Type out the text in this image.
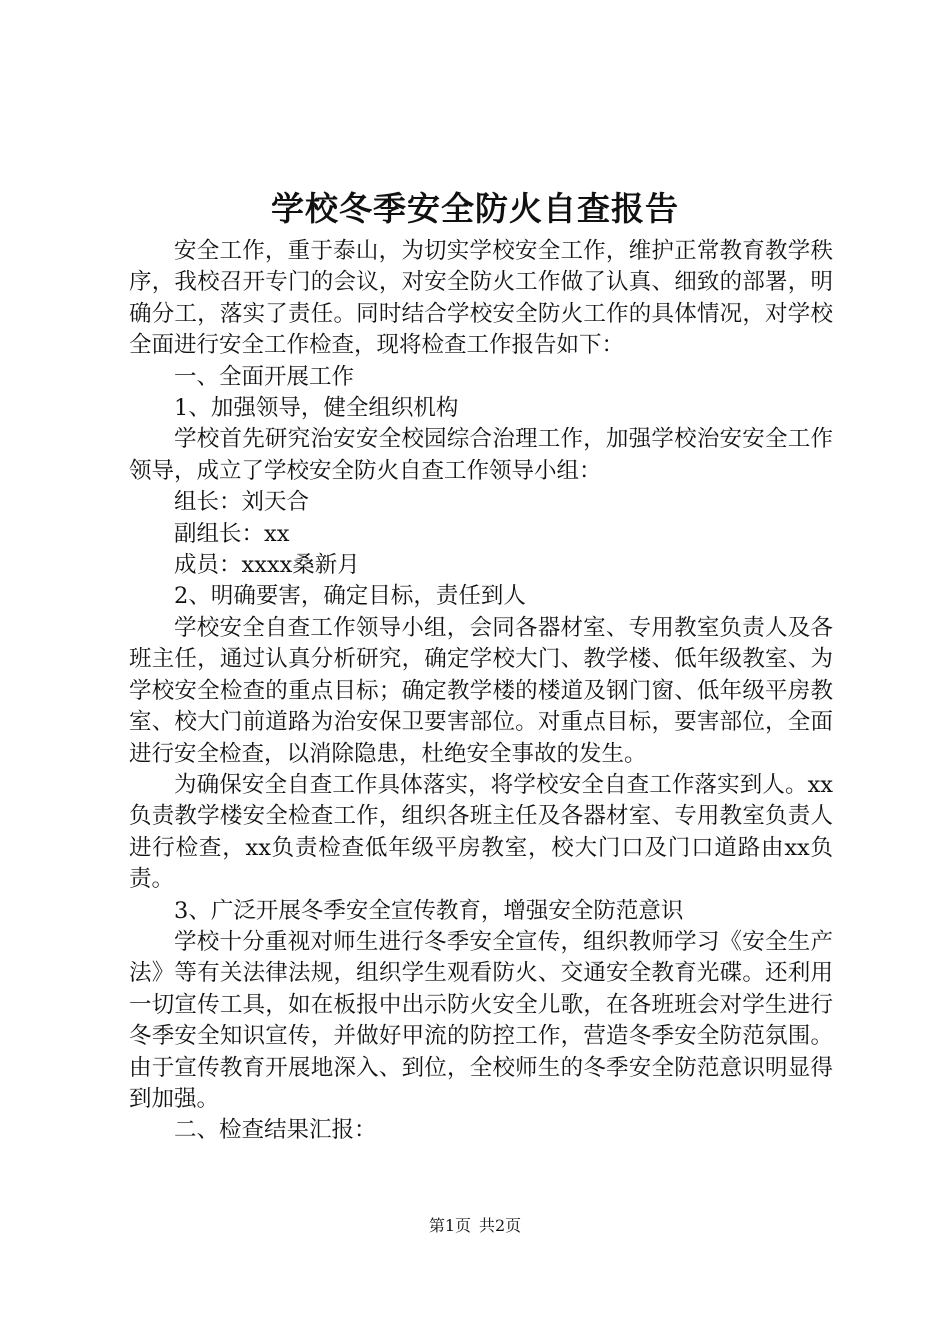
学校冬季安全防火自查报告

安全工作，重于泰山，为切实学校安全工作，维护正常教育教学秩序，我校召开专门的会议，对安全防火工作做了认真、细致的部署，明确分工，落实了责任。同时结合学校安全防火工作的具体情况，对学校全面进行安全工作检查，现将检查工作报告如下：

一、全面开展工作

1、加强领导，健全组织机构

学校首先研究治安安全校园综合治理工作，加强学校治安安全工作领导，成立了学校安全防火自查工作领导小组：

组长：刘天合

副组长：xx

成员：xxxx桑新月

2、明确要害，确定目标，责任到人

学校安全自查工作领导小组，会同各器材室、专用教室负责人及各班主任，通过认真分析研究，确定学校大门、教学楼、低年级教室、为学校安全检查的重点目标；确定教学楼的楼道及钢门窗、低年级平房教室、校大门前道路为治安保卫要害部位。对重点目标，要害部位，全面进行安全检查，以消除隐患，杜绝安全事故的发生。

为确保安全自查工作具体落实，将学校安全自查工作落实到人。xx负责教学楼安全检查工作，组织各班主任及各器材室、专用教室负责人进行检查，xx负责检查低年级平房教室，校大门口及门口道路由xx负责。

3、广泛开展冬季安全宣传教育，增强安全防范意识

学校十分重视对师生进行冬季安全宣传，组织教师学习《安全生产法》等有关法律法规，组织学生观看防火、交通安全教育光碟。还利用一切宣传工具，如在板报中出示防火安全儿歌，在各班班会对学生进行冬季安全知识宣传，并做好甲流的防控工作，营造冬季安全防范氛围。由于宣传教育开展地深入、到位，全校师生的冬季安全防范意识明显得到加强。

二、检查结果汇报：

第1页 共2页
